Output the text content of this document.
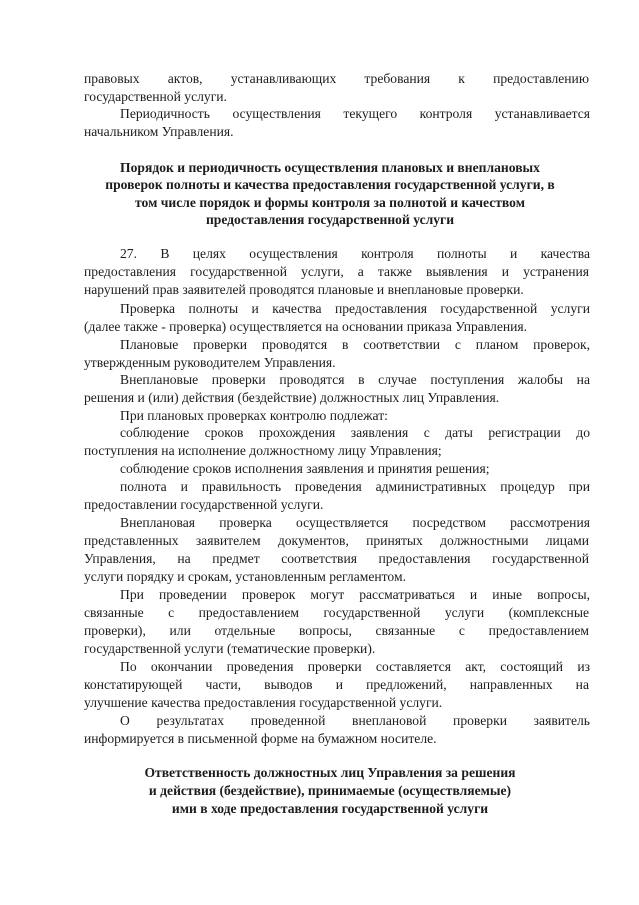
правовых актов, устанавливающих требования к предоставлению
государственной услуги.
Периодичность осуществления текущего контроля устанавливается
начальником Управления.
Порядок и периодичность осуществления плановых и внеплановых
проверок полноты и качества предоставления государственной услуги, в
том числе порядок и формы контроля за полнотой и качеством
предоставления государственной услуги
27. В целях осуществления контроля полноты и качества
предоставления государственной услуги, а также выявления и устранения
нарушений прав заявителей проводятся плановые и внеплановые проверки.
Проверка полноты и качества предоставления государственной услуги
(далее также - проверка) осуществляется на основании приказа Управления.
Плановые проверки проводятся в соответствии с планом проверок,
утвержденным руководителем Управления.
Внеплановые проверки проводятся в случае поступления жалобы на
решения и (или) действия (бездействие) должностных лиц Управления.
При плановых проверках контролю подлежат:
соблюдение сроков прохождения заявления с даты регистрации до
поступления на исполнение должностному лицу Управления;
соблюдение сроков исполнения заявления и принятия решения;
полнота и правильность проведения административных процедур при
предоставлении государственной услуги.
Внеплановая проверка осуществляется посредством рассмотрения
представленных заявителем документов, принятых должностными лицами
Управления, на предмет соответствия предоставления государственной
услуги порядку и срокам, установленным регламентом.
При проведении проверок могут рассматриваться и иные вопросы,
связанные с предоставлением государственной услуги (комплексные
проверки), или отдельные вопросы, связанные с предоставлением
государственной услуги (тематические проверки).
По окончании проведения проверки составляется акт, состоящий из
констатирующей части, выводов и предложений, направленных на
улучшение качества предоставления государственной услуги.
О результатах проведенной внеплановой проверки заявитель
информируется в письменной форме на бумажном носителе.
Ответственность должностных лиц Управления за решения
и действия (бездействие), принимаемые (осуществляемые)
ими в ходе предоставления государственной услуги
